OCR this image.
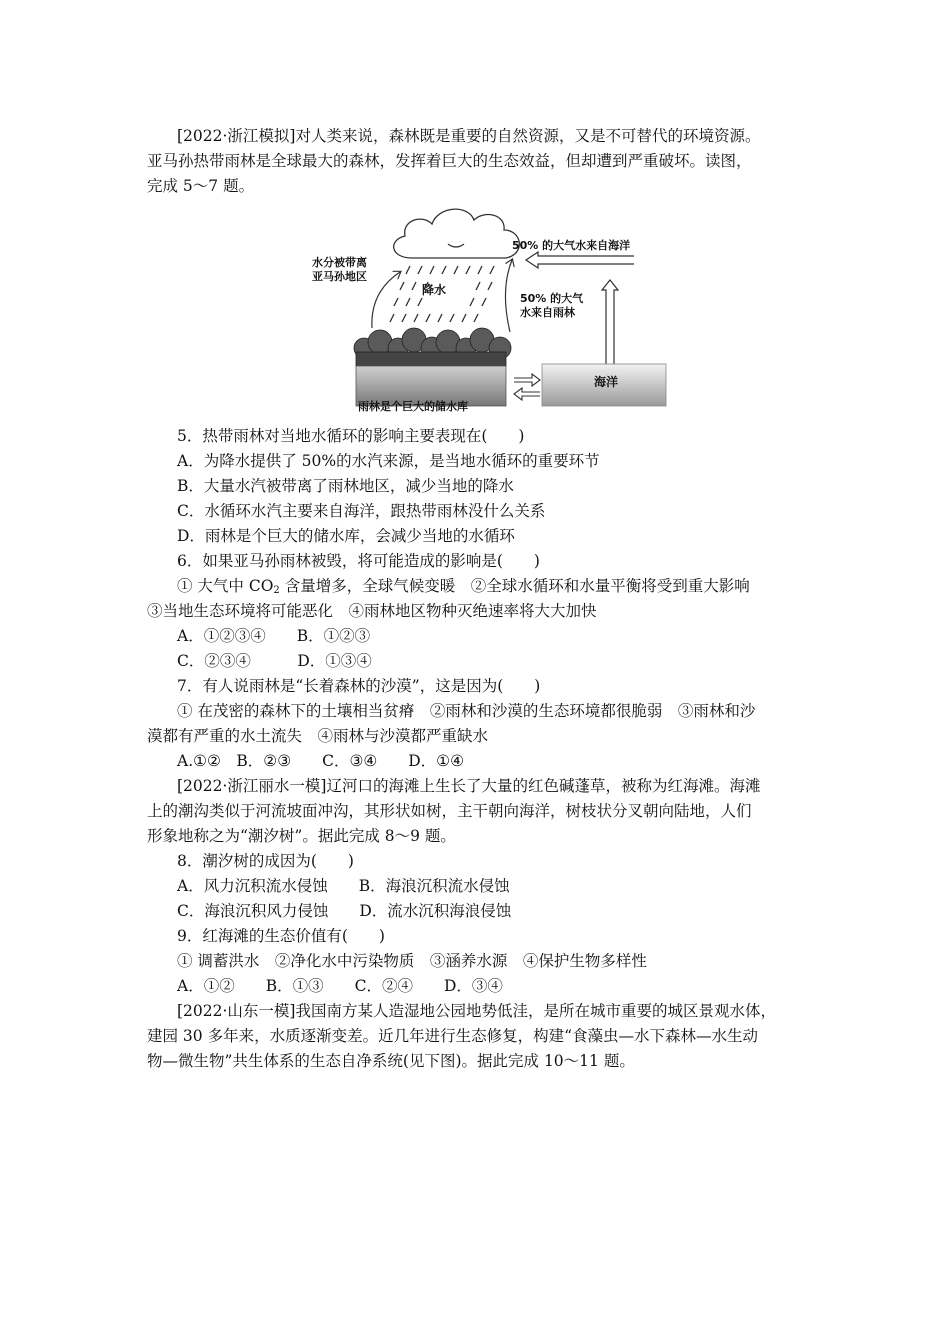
[2022·浙江模拟]对人类来说，森林既是重要的自然资源，又是不可替代的环境资源。
亚马孙热带雨林是全球最大的森林，发挥着巨大的生态效益，但却遭到严重破坏。读图，
完成 5～7 题。
降水
水分被带离
亚马孙地区
50% 的大气
水来自雨林
50% 的大气水来自海洋
雨林是个巨大的储水库
海洋
5．热带雨林对当地水循环的影响主要表现在(　　)
A．为降水提供了 50%的水汽来源，是当地水循环的重要环节
B．大量水汽被带离了雨林地区，减少当地的降水
C．水循环水汽主要来自海洋，跟热带雨林没什么关系
D．雨林是个巨大的储水库，会减少当地的水循环
6．如果亚马孙雨林被毁，将可能造成的影响是(　　)
① 大气中 $CO_2$ 含量增多，全球气候变暖　②全球水循环和水量平衡将受到重大影响
③当地生态环境将可能恶化　④雨林地区物种灭绝速率将大大加快
A．①②③④　　B．①②③
C．②③④　　　D．①③④
7．有人说雨林是“长着森林的沙漠”，这是因为(　　)
① 在茂密的森林下的土壤相当贫瘠　②雨林和沙漠的生态环境都很脆弱　③雨林和沙
漠都有严重的水土流失　④雨林与沙漠都严重缺水
A.①②　B．②③　　C．③④　　D．①④
[2022·浙江丽水一模]辽河口的海滩上生长了大量的红色碱蓬草，被称为红海滩。海滩
上的潮沟类似于河流坡面冲沟，其形状如树，主干朝向海洋，树枝状分叉朝向陆地，人们
形象地称之为“潮汐树”。据此完成 8～9 题。
8．潮汐树的成因为(　　)
A．风力沉积流水侵蚀　　B．海浪沉积流水侵蚀
C．海浪沉积风力侵蚀　　D．流水沉积海浪侵蚀
9．红海滩的生态价值有(　　)
① 调蓄洪水　②净化水中污染物质　③涵养水源　④保护生物多样性
A．①②　　B．①③　　C．②④　　D．③④
[2022·山东一模]我国南方某人造湿地公园地势低洼，是所在城市重要的城区景观水体，
建园 30 多年来，水质逐渐变差。近几年进行生态修复，构建“食藻虫—水下森林—水生动
物—微生物”共生体系的生态自净系统(见下图)。据此完成 10～11 题。
